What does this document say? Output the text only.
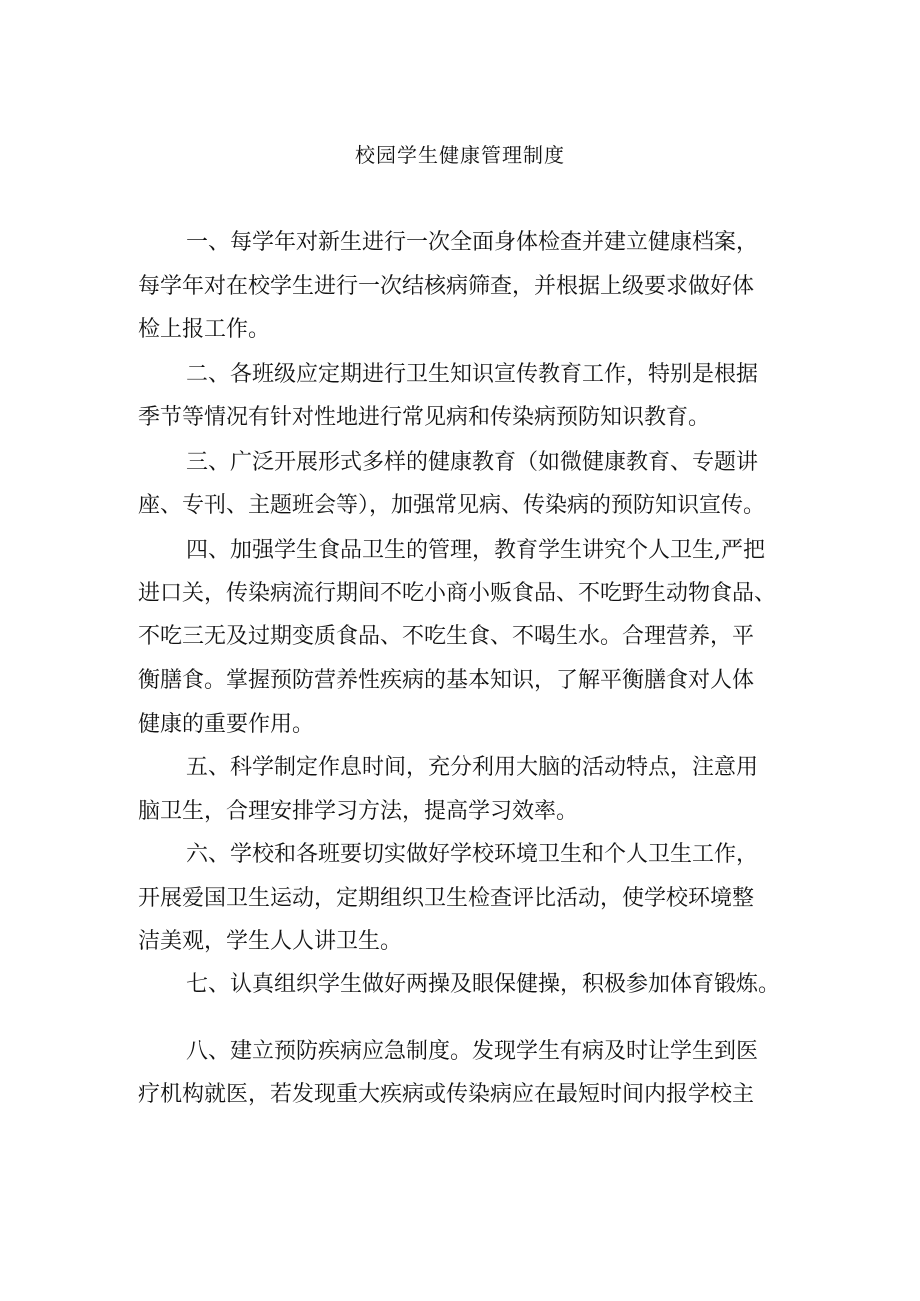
校园学生健康管理制度
一、每学年对新生进行一次全面身体检查并建立健康档案，
每学年对在校学生进行一次结核病筛查，并根据上级要求做好体
检上报工作。
二、各班级应定期进行卫生知识宣传教育工作，特别是根据
季节等情况有针对性地进行常见病和传染病预防知识教育。
三、广泛开展形式多样的健康教育（如微健康教育、专题讲
座、专刊、主题班会等），加强常见病、传染病的预防知识宣传。
四、加强学生食品卫生的管理，教育学生讲究个人卫生,严把
进口关，传染病流行期间不吃小商小贩食品、不吃野生动物食品、
不吃三无及过期变质食品、不吃生食、不喝生水。合理营养，平
衡膳食。掌握预防营养性疾病的基本知识，了解平衡膳食对人体
健康的重要作用。
五、科学制定作息时间，充分利用大脑的活动特点，注意用
脑卫生，合理安排学习方法，提高学习效率。
六、学校和各班要切实做好学校环境卫生和个人卫生工作，
开展爱国卫生运动，定期组织卫生检查评比活动，使学校环境整
洁美观，学生人人讲卫生。
七、认真组织学生做好两操及眼保健操，积极参加体育锻炼。
八、建立预防疾病应急制度。发现学生有病及时让学生到医
疗机构就医，若发现重大疾病或传染病应在最短时间内报学校主
